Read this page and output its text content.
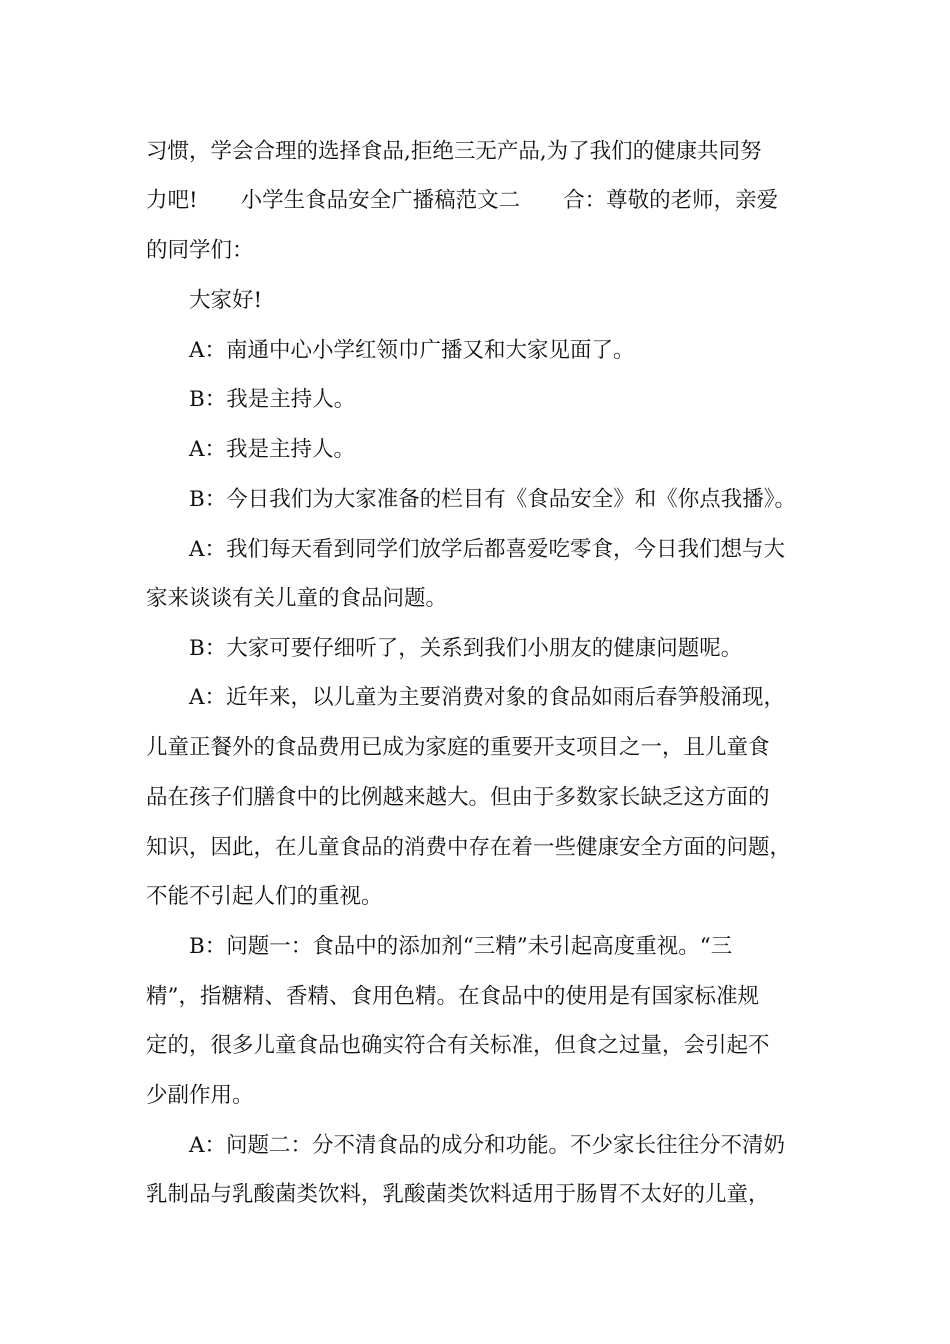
习惯，学会合理的选择食品,拒绝三无产品,为了我们的健康共同努
力吧!　　小学生食品安全广播稿范文二　　合：尊敬的老师，亲爱
的同学们：
大家好!
A：南通中心小学红领巾广播又和大家见面了。
B：我是主持人。
A：我是主持人。
B：今日我们为大家准备的栏目有《食品安全》和《你点我播》。
A：我们每天看到同学们放学后都喜爱吃零食，今日我们想与大
家来谈谈有关儿童的食品问题。
B：大家可要仔细听了，关系到我们小朋友的健康问题呢。
A：近年来，以儿童为主要消费对象的食品如雨后春笋般涌现，
儿童正餐外的食品费用已成为家庭的重要开支项目之一，且儿童食
品在孩子们膳食中的比例越来越大。但由于多数家长缺乏这方面的
知识，因此，在儿童食品的消费中存在着一些健康安全方面的问题，
不能不引起人们的重视。
B：问题一：食品中的添加剂“三精”未引起高度重视。“三
精”，指糖精、香精、食用色精。在食品中的使用是有国家标准规
定的，很多儿童食品也确实符合有关标准，但食之过量，会引起不
少副作用。
A：问题二：分不清食品的成分和功能。不少家长往往分不清奶
乳制品与乳酸菌类饮料，乳酸菌类饮料适用于肠胃不太好的儿童，
